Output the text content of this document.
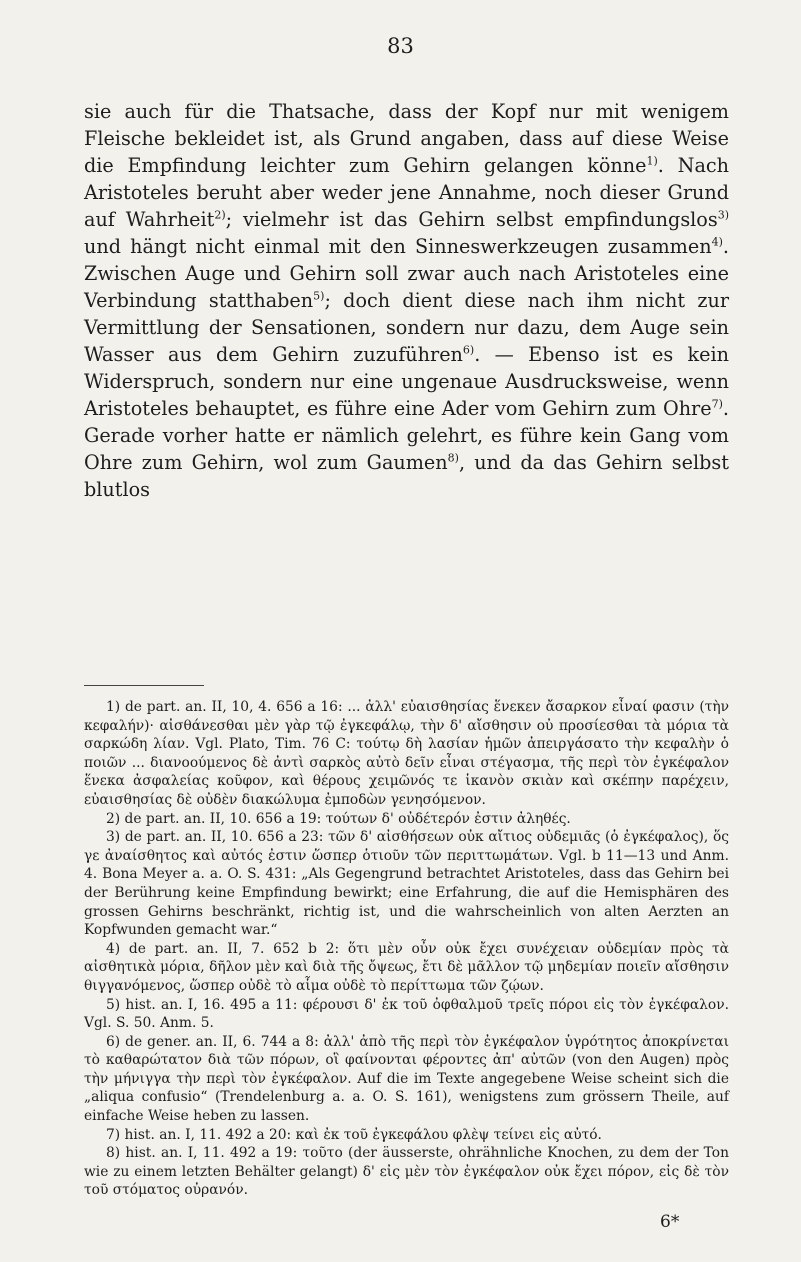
83

sie auch für die Thatsache, dass der Kopf nur mit wenigem Fleische bekleidet ist, als Grund angaben, dass auf diese Weise die Empfindung leichter zum Gehirn gelangen könne$^{1)}$. Nach Aristoteles beruht aber weder jene Annahme, noch dieser Grund auf Wahrheit$^{2)}$; vielmehr ist das Gehirn selbst empfindungslos$^{3)}$ und hängt nicht einmal mit den Sinneswerkzeugen zusammen$^{4)}$. Zwischen Auge und Gehirn soll zwar auch nach Aristoteles eine Verbindung statthaben$^{5)}$; doch dient diese nach ihm nicht zur Vermittlung der Sensationen, sondern nur dazu, dem Auge sein Wasser aus dem Gehirn zuzuführen$^{6)}$. — Ebenso ist es kein Widerspruch, sondern nur eine ungenaue Ausdrucksweise, wenn Aristoteles behauptet, es führe eine Ader vom Gehirn zum Ohre$^{7)}$. Gerade vorher hatte er nämlich gelehrt, es führe kein Gang vom Ohre zum Gehirn, wol zum Gaumen$^{8)}$, und da das Gehirn selbst blutlos

1) de part. an. II, 10, 4. 656 a 16: ... ἀλλ' εὐαισθησίας ἕνεκεν ἄσαρκον εἶναί φασιν (τὴν κεφαλήν)· αἰσθάνεσθαι μὲν γὰρ τῷ ἐγκεφάλῳ, τὴν δ' αἴσθησιν οὐ προσίεσθαι τὰ μόρια τὰ σαρκώδη λίαν. Vgl. Plato, Tim. 76 C: τούτῳ δὴ λασίαν ἡμῶν ἀπειργάσατο τὴν κεφαλὴν ὁ ποιῶν ... διανοούμενος δὲ ἀντὶ σαρκὸς αὐτὸ δεῖν εἶναι στέγασμα, τῆς περὶ τὸν ἐγκέφαλον ἕνεκα ἀσφαλείας κοῦφον, καὶ θέρους χειμῶνός τε ἱκανὸν σκιὰν καὶ σκέπην παρέχειν, εὐαισθησίας δὲ οὐδὲν διακώλυμα ἐμποδὼν γενησόμενον.

2) de part. an. II, 10. 656 a 19: τούτων δ' οὐδέτερόν ἐστιν ἀληθές.

3) de part. an. II, 10. 656 a 23: τῶν δ' αἰσθήσεων οὐκ αἴτιος οὐδεμιᾶς (ὁ ἐγκέφαλος), ὅς γε ἀναίσθητος καὶ αὐτός ἐστιν ὥσπερ ὁτιοῦν τῶν περιττωμάτων. Vgl. b 11—13 und Anm. 4. Bona Meyer a. a. O. S. 431: „Als Gegengrund betrachtet Aristoteles, dass das Gehirn bei der Berührung keine Empfindung bewirkt; eine Erfahrung, die auf die Hemisphären des grossen Gehirns beschränkt, richtig ist, und die wahrscheinlich von alten Aerzten an Kopfwunden gemacht war.“

4) de part. an. II, 7. 652 b 2: ὅτι μὲν οὖν οὐκ ἔχει συνέχειαν οὐδεμίαν πρὸς τὰ αἰσθητικὰ μόρια, δῆλον μὲν καὶ διὰ τῆς ὄψεως, ἔτι δὲ μᾶλλον τῷ μηδεμίαν ποιεῖν αἴσθησιν θιγγανόμενος, ὥσπερ οὐδὲ τὸ αἷμα οὐδὲ τὸ περίττωμα τῶν ζῴων.

5) hist. an. I, 16. 495 a 11: φέρουσι δ' ἐκ τοῦ ὀφθαλμοῦ τρεῖς πόροι εἰς τὸν ἐγκέφαλον. Vgl. S. 50. Anm. 5.

6) de gener. an. II, 6. 744 a 8: ἀλλ' ἀπὸ τῆς περὶ τὸν ἐγκέφαλον ὑγρότητος ἀποκρίνεται τὸ καθαρώτατον διὰ τῶν πόρων, οἳ φαίνονται φέροντες ἀπ' αὐτῶν (von den Augen) πρὸς τὴν μήνιγγα τὴν περὶ τὸν ἐγκέφαλον. Auf die im Texte angegebene Weise scheint sich die „aliqua confusio“ (Trendelenburg a. a. O. S. 161), wenigstens zum grössern Theile, auf einfache Weise heben zu lassen.

7) hist. an. I, 11. 492 a 20: καὶ ἐκ τοῦ ἐγκεφάλου φλὲψ τείνει εἰς αὐτό.

8) hist. an. I, 11. 492 a 19: τοῦτο (der äusserste, ohrähnliche Knochen, zu dem der Ton wie zu einem letzten Behälter gelangt) δ' εἰς μὲν τὸν ἐγκέφαλον οὐκ ἔχει πόρον, εἰς δὲ τὸν τοῦ στόματος οὐρανόν.

6*
